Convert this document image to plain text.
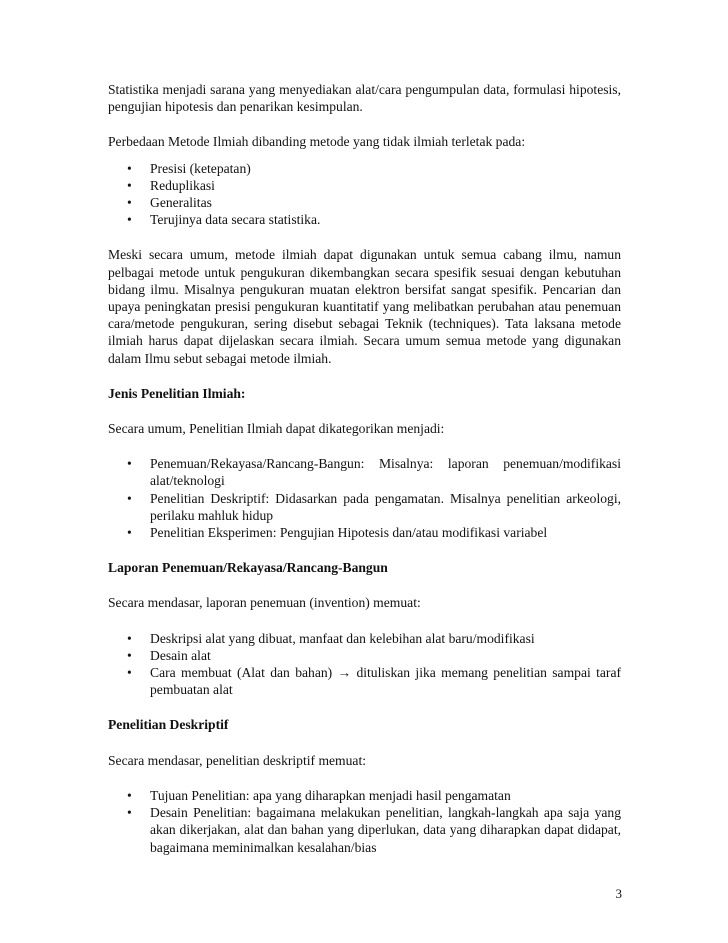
Statistika menjadi sarana yang menyediakan alat/cara pengumpulan data, formulasi hipotesis, pengujian hipotesis dan penarikan kesimpulan.

Perbedaan Metode Ilmiah dibanding metode yang tidak ilmiah terletak pada:

• Presisi (ketepatan)
• Reduplikasi
• Generalitas
• Terujinya data secara statistika.

Meski secara umum, metode ilmiah dapat digunakan untuk semua cabang ilmu, namun pelbagai metode untuk pengukuran dikembangkan secara spesifik sesuai dengan kebutuhan bidang ilmu. Misalnya pengukuran muatan elektron bersifat sangat spesifik. Pencarian dan upaya peningkatan presisi pengukuran kuantitatif yang melibatkan perubahan atau penemuan cara/metode pengukuran, sering disebut sebagai Teknik (techniques). Tata laksana metode ilmiah harus dapat dijelaskan secara ilmiah. Secara umum semua metode yang digunakan dalam Ilmu sebut sebagai metode ilmiah.

Jenis Penelitian Ilmiah:

Secara umum, Penelitian Ilmiah dapat dikategorikan menjadi:

• Penemuan/Rekayasa/Rancang-Bangun: Misalnya: laporan penemuan/modifikasi alat/teknologi
• Penelitian Deskriptif: Didasarkan pada pengamatan. Misalnya penelitian arkeologi, perilaku mahluk hidup
• Penelitian Eksperimen: Pengujian Hipotesis dan/atau modifikasi variabel

Laporan Penemuan/Rekayasa/Rancang-Bangun

Secara mendasar, laporan penemuan (invention) memuat:

• Deskripsi alat yang dibuat, manfaat dan kelebihan alat baru/modifikasi
• Desain alat
• Cara membuat (Alat dan bahan) → dituliskan jika memang penelitian sampai taraf pembuatan alat

Penelitian Deskriptif

Secara mendasar, penelitian deskriptif memuat:

• Tujuan Penelitian: apa yang diharapkan menjadi hasil pengamatan
• Desain Penelitian: bagaimana melakukan penelitian, langkah-langkah apa saja yang akan dikerjakan, alat dan bahan yang diperlukan, data yang diharapkan dapat didapat, bagaimana meminimalkan kesalahan/bias
3
